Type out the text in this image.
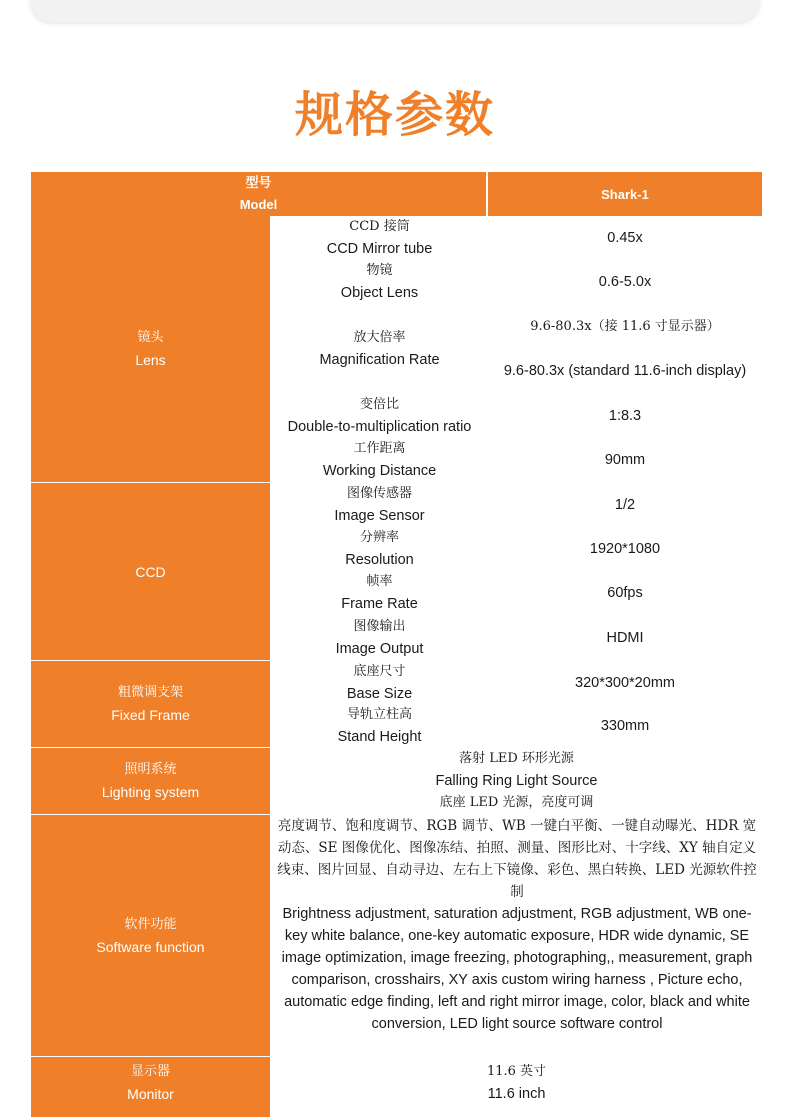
规格参数
型号
Model
Shark-1
镜头
Lens
CCD
粗微调支架
Fixed Frame
照明系统
Lighting system
软件功能
Software function
显示器
Monitor
CCD 接筒
CCD Mirror tube
0.45x
物镜
Object Lens
0.6-5.0x
放大倍率
Magnification Rate
9.6-80.3x（接 11.6 寸显示器）
9.6-80.3x (standard 11.6-inch display)
变倍比
Double-to-multiplication ratio
1:8.3
工作距离
Working Distance
90mm
图像传感器
Image Sensor
1/2
分辨率
Resolution
1920*1080
帧率
Frame Rate
60fps
图像输出
Image Output
HDMI
底座尺寸
Base Size
320*300*20mm
导轨立柱高
Stand Height
330mm
落射 LED 环形光源
Falling Ring Light Source
底座 LED 光源，亮度可调
亮度调节、饱和度调节、RGB 调节、WB 一键白平衡、一键自动曝光、HDR 宽动态、SE 图像优化、图像冻结、拍照、测量、图形比对、十字线、XY 轴自定义线束、图片回显、自动寻边、左右上下镜像、彩色、黑白转换、LED 光源软件控制
Brightness adjustment, saturation adjustment, RGB adjustment, WB one-key white balance, one-key automatic exposure, HDR wide dynamic, SE image optimization, image freezing, photographing,, measurement, graph comparison, crosshairs, XY axis custom wiring harness , Picture echo, automatic edge finding, left and right mirror image, color, black and white conversion, LED light source software control
11.6 英寸
11.6 inch
